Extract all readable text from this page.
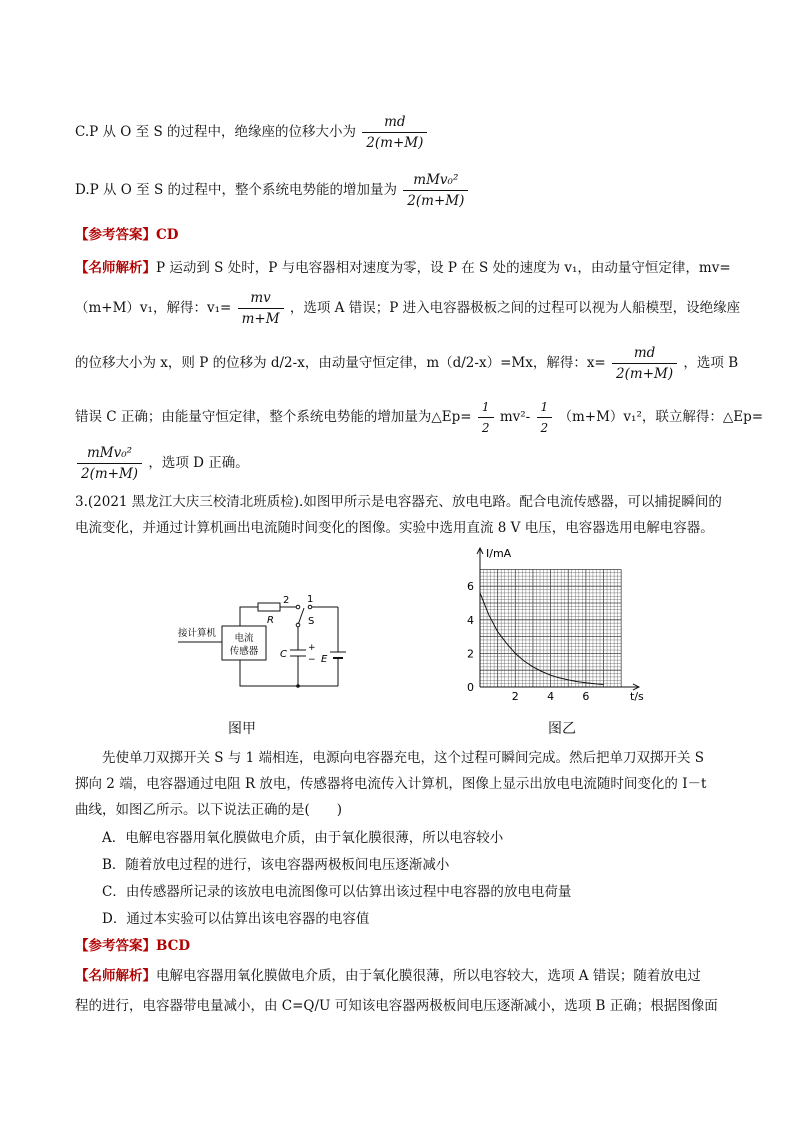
C.P 从 O 至 S 的过程中，绝缘座的位移大小为 $\frac{md}{2(m+M)}$
D.P 从 O 至 S 的过程中，整个系统电势能的增加量为 $\frac{\text{mMv₀²}}{2(m+M)}$
【参考答案】CD
【名师解析】P 运动到 S 处时，P 与电容器相对速度为零，设 P 在 S 处的速度为 v₁，由动量守恒定律，mv=
（m+M）v₁，解得：$v_1= \frac{mv}{m+M}$ ，选项 A 错误；P 进入电容器极板之间的过程可以视为人船模型，设绝缘座
的位移大小为 x，则 P 的位移为 d/2-x，由动量守恒定律，m（d/2-x）=Mx，解得：$x= \frac{md}{2(m+M)}$ ，选项 B
错误 C 正确；由能量守恒定律，整个系统电势能的增加量为△Ep= $\frac{1}{2} mv^2- \frac{1}{2} (m+M)v_1^2$，联立解得：△Ep=
$\frac{\text{mMv₀²}}{2(m+M)}$ ，选项 D 正确。
3.(2021 黑龙江大庆三校清北班质检).如图甲所示是电容器充、放电电路。配合电流传感器，可以捕捉瞬间的
电流变化，并通过计算机画出电流随时间变化的图像。实验中选用直流 8 V 电压，电容器选用电解电容器。
接计算机 电流
传感器
R
2 1
S
C
+
− E
图甲
I/mA
t/s
0
2	4	6
2
4
6
图乙
先使单刀双掷开关 S 与 1 端相连，电源向电容器充电，这个过程可瞬间完成。然后把单刀双掷开关 S
掷向 2 端，电容器通过电阻 R 放电，传感器将电流传入计算机，图像上显示出放电电流随时间变化的 I－t
曲线，如图乙所示。以下说法正确的是(　　)
A．电解电容器用氧化膜做电介质，由于氧化膜很薄，所以电容较小
B．随着放电过程的进行，该电容器两极板间电压逐渐减小
C．由传感器所记录的该放电电流图像可以估算出该过程中电容器的放电电荷量
D．通过本实验可以估算出该电容器的电容值
【参考答案】BCD
【名师解析】电解电容器用氧化膜做电介质，由于氧化膜很薄，所以电容较大，选项 A 错误；随着放电过
程的进行，电容器带电量减小，由 C=Q/U 可知该电容器两极板间电压逐渐减小，选项 B 正确；根据图像面
